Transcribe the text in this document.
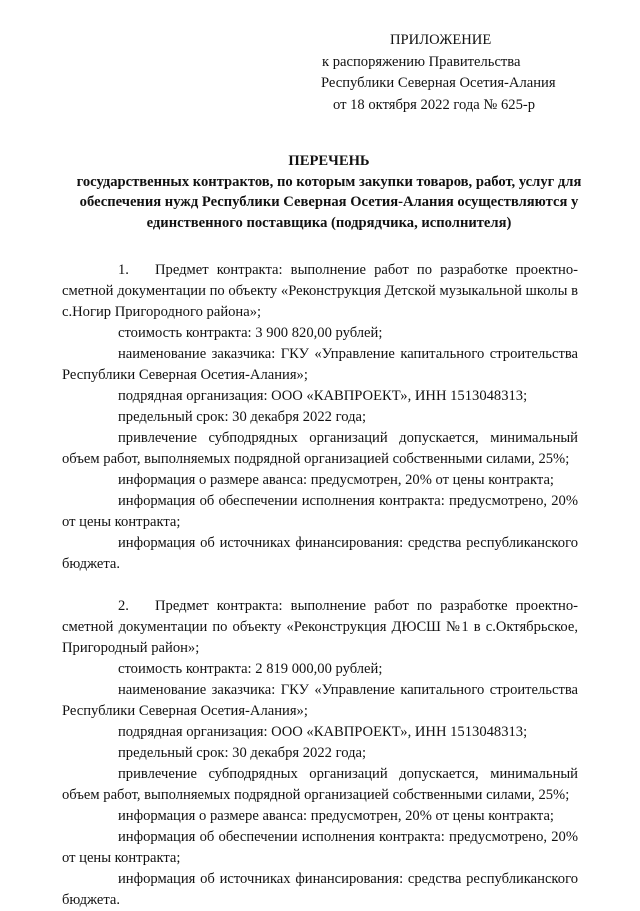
ПРИЛОЖЕНИЕ
к распоряжению Правительства
Республики Северная Осетия-Алания
от 18 октября 2022 года № 625-р
ПЕРЕЧЕНЬ
государственных контрактов, по которым закупки товаров, работ, услуг для обеспечения нужд Республики Северная Осетия-Алания осуществляются у единственного поставщика (подрядчика, исполнителя)

1. Предмет контракта: выполнение работ по разработке проектно-сметной документации по объекту «Реконструкция Детской музыкальной школы в с.Ногир Пригородного района»;

стоимость контракта: 3 900 820,00 рублей;

наименование заказчика: ГКУ «Управление капитального строительства Республики Северная Осетия-Алания»;

подрядная организация: ООО «КАВПРОЕКТ», ИНН 1513048313;

предельный срок: 30 декабря 2022 года;

привлечение субподрядных организаций допускается, минимальный объем работ, выполняемых подрядной организацией собственными силами, 25%;

информация о размере аванса: предусмотрен, 20% от цены контракта;

информация об обеспечении исполнения контракта: предусмотрено, 20% от цены контракта;

информация об источниках финансирования: средства республиканского бюджета.

2. Предмет контракта: выполнение работ по разработке проектно-сметной документации по объекту «Реконструкция ДЮСШ №1 в с.Октябрьское, Пригородный район»;

стоимость контракта: 2 819 000,00 рублей;

наименование заказчика: ГКУ «Управление капитального строительства Республики Северная Осетия-Алания»;

подрядная организация: ООО «КАВПРОЕКТ», ИНН 1513048313;

предельный срок: 30 декабря 2022 года;

привлечение субподрядных организаций допускается, минимальный объем работ, выполняемых подрядной организацией собственными силами, 25%;

информация о размере аванса: предусмотрен, 20% от цены контракта;

информация об обеспечении исполнения контракта: предусмотрено, 20% от цены контракта;

информация об источниках финансирования: средства республиканского бюджета.
